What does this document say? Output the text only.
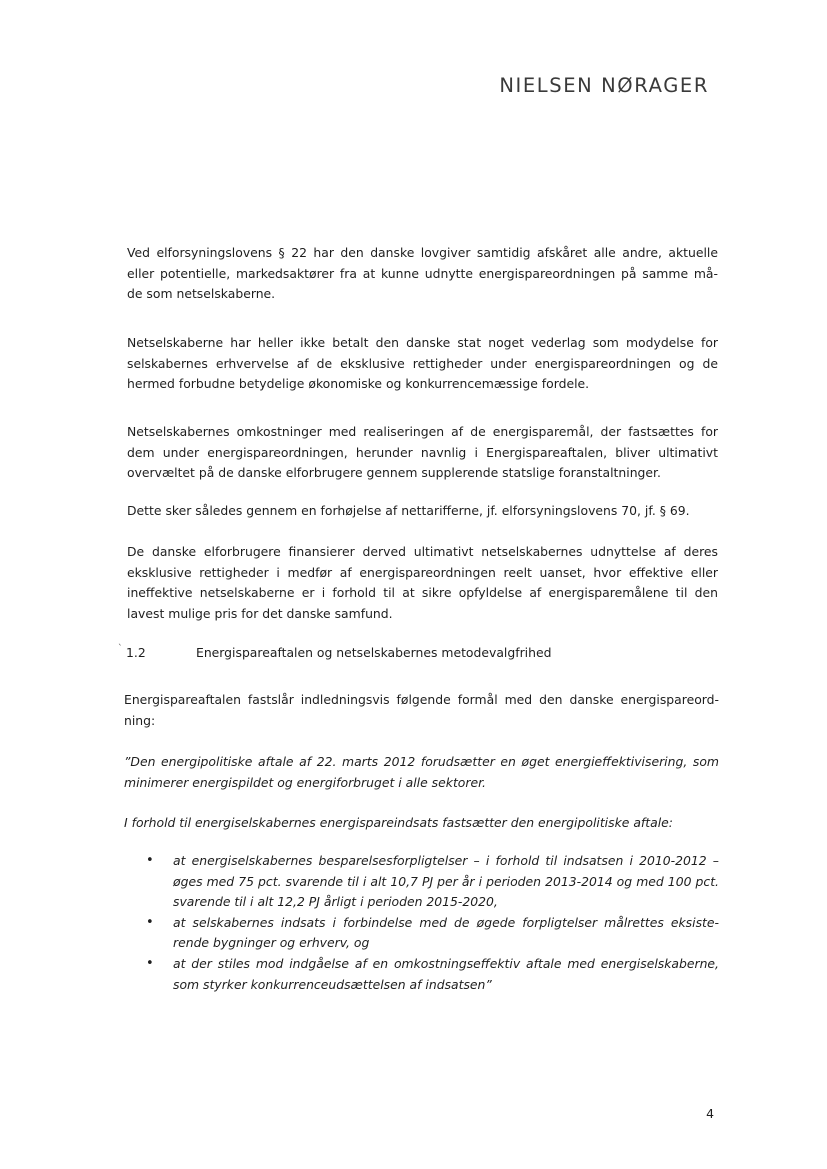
NIELSEN NØRAGER

Ved elforsyningslovens § 22 har den danske lovgiver samtidig afskåret alle andre, aktuelle eller potentielle, markedsaktører fra at kunne udnytte energispareordningen på samme må- de som netselskaberne.

Netselskaberne har heller ikke betalt den danske stat noget vederlag som modydelse for selskabernes erhvervelse af de eksklusive rettigheder under energispareordningen og de hermed forbudne betydelige økonomiske og konkurrencemæssige fordele.

Netselskabernes omkostninger med realiseringen af de energisparemål, der fastsættes for dem under energispareordningen, herunder navnlig i Energispareaftalen, bliver ultimativt overvæltet på de danske elforbrugere gennem supplerende statslige foranstaltninger.

Dette sker således gennem en forhøjelse af nettarifferne, jf. elforsyningslovens 70, jf. § 69.

De danske elforbrugere finansierer derved ultimativt netselskabernes udnyttelse af deres eksklusive rettigheder i medfør af energispareordningen reelt uanset, hvor effektive eller ineffektive netselskaberne er i forhold til at sikre opfyldelse af energisparemålene til den lavest mulige pris for det danske samfund.

` 1.2	Energispareaftalen og netselskabernes metodevalgfrihed

Energispareaftalen fastslår indledningsvis følgende formål med den danske energispareord- ning:

”Den energipolitiske aftale af 22. marts 2012 forudsætter en øget energieffektivisering, som minimerer energispildet og energiforbruget i alle sektorer.

I forhold til energiselskabernes energispareindsats fastsætter den energipolitiske aftale:

• at energiselskabernes besparelsesforpligtelser – i forhold til indsatsen i 2010-2012 – øges med 75 pct. svarende til i alt 10,7 PJ per år i perioden 2013-2014 og med 100 pct. svarende til i alt 12,2 PJ årligt i perioden 2015-2020,
• at selskabernes indsats i forbindelse med de øgede forpligtelser målrettes eksiste- rende bygninger og erhverv, og
• at der stiles mod indgåelse af en omkostningseffektiv aftale med energiselskaberne, som styrker konkurrenceudsættelsen af indsatsen”
4
